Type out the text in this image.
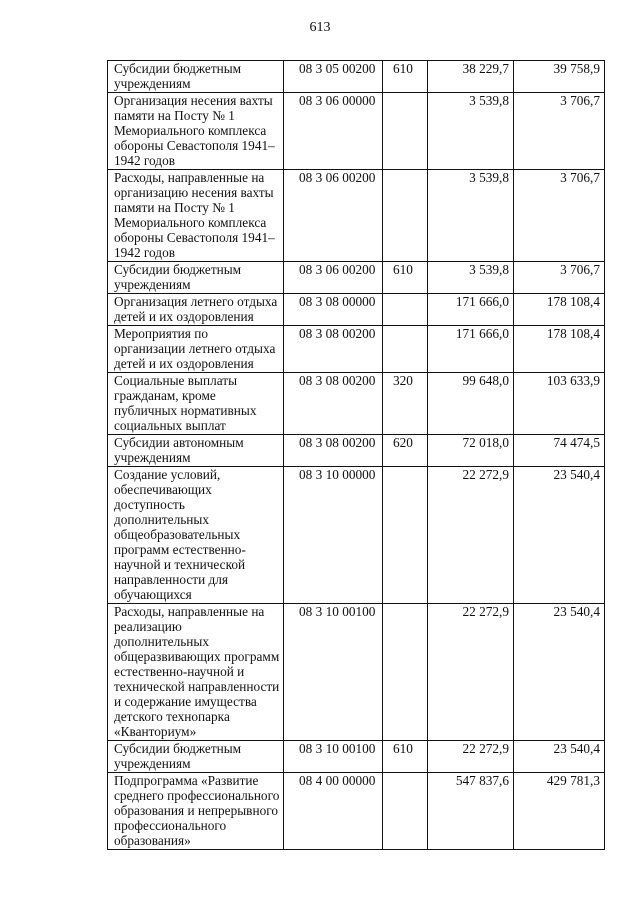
613
Субсидии бюджетным учреждениям	08 3 05 00200	610	38 229,7	39 758,9
Организация несения вахты памяти на Посту № 1 Мемориального комплекса обороны Севастополя 1941–1942 годов	08 3 06 00000		3 539,8	3 706,7
Расходы, направленные на организацию несения вахты памяти на Посту № 1 Мемориального комплекса обороны Севастополя 1941–1942 годов	08 3 06 00200		3 539,8	3 706,7
Субсидии бюджетным учреждениям	08 3 06 00200	610	3 539,8	3 706,7
Организация летнего отдыха детей и их оздоровления	08 3 08 00000		171 666,0	178 108,4
Мероприятия по организации летнего отдыха детей и их оздоровления	08 3 08 00200		171 666,0	178 108,4
Социальные выплаты гражданам, кроме публичных нормативных социальных выплат	08 3 08 00200	320	99 648,0	103 633,9
Субсидии автономным учреждениям	08 3 08 00200	620	72 018,0	74 474,5
Создание условий, обеспечивающих доступность дополнительных общеобразовательных программ естественно-научной и технической направленности для обучающихся	08 3 10 00000		22 272,9	23 540,4
Расходы, направленные на реализацию дополнительных общеразвивающих программ естественно-научной и технической направленности и содержание имущества детского технопарка «Кванториум»	08 3 10 00100		22 272,9	23 540,4
Субсидии бюджетным учреждениям	08 3 10 00100	610	22 272,9	23 540,4
Подпрограмма «Развитие среднего профессионального образования и непрерывного профессионального образования»	08 4 00 00000		547 837,6	429 781,3
